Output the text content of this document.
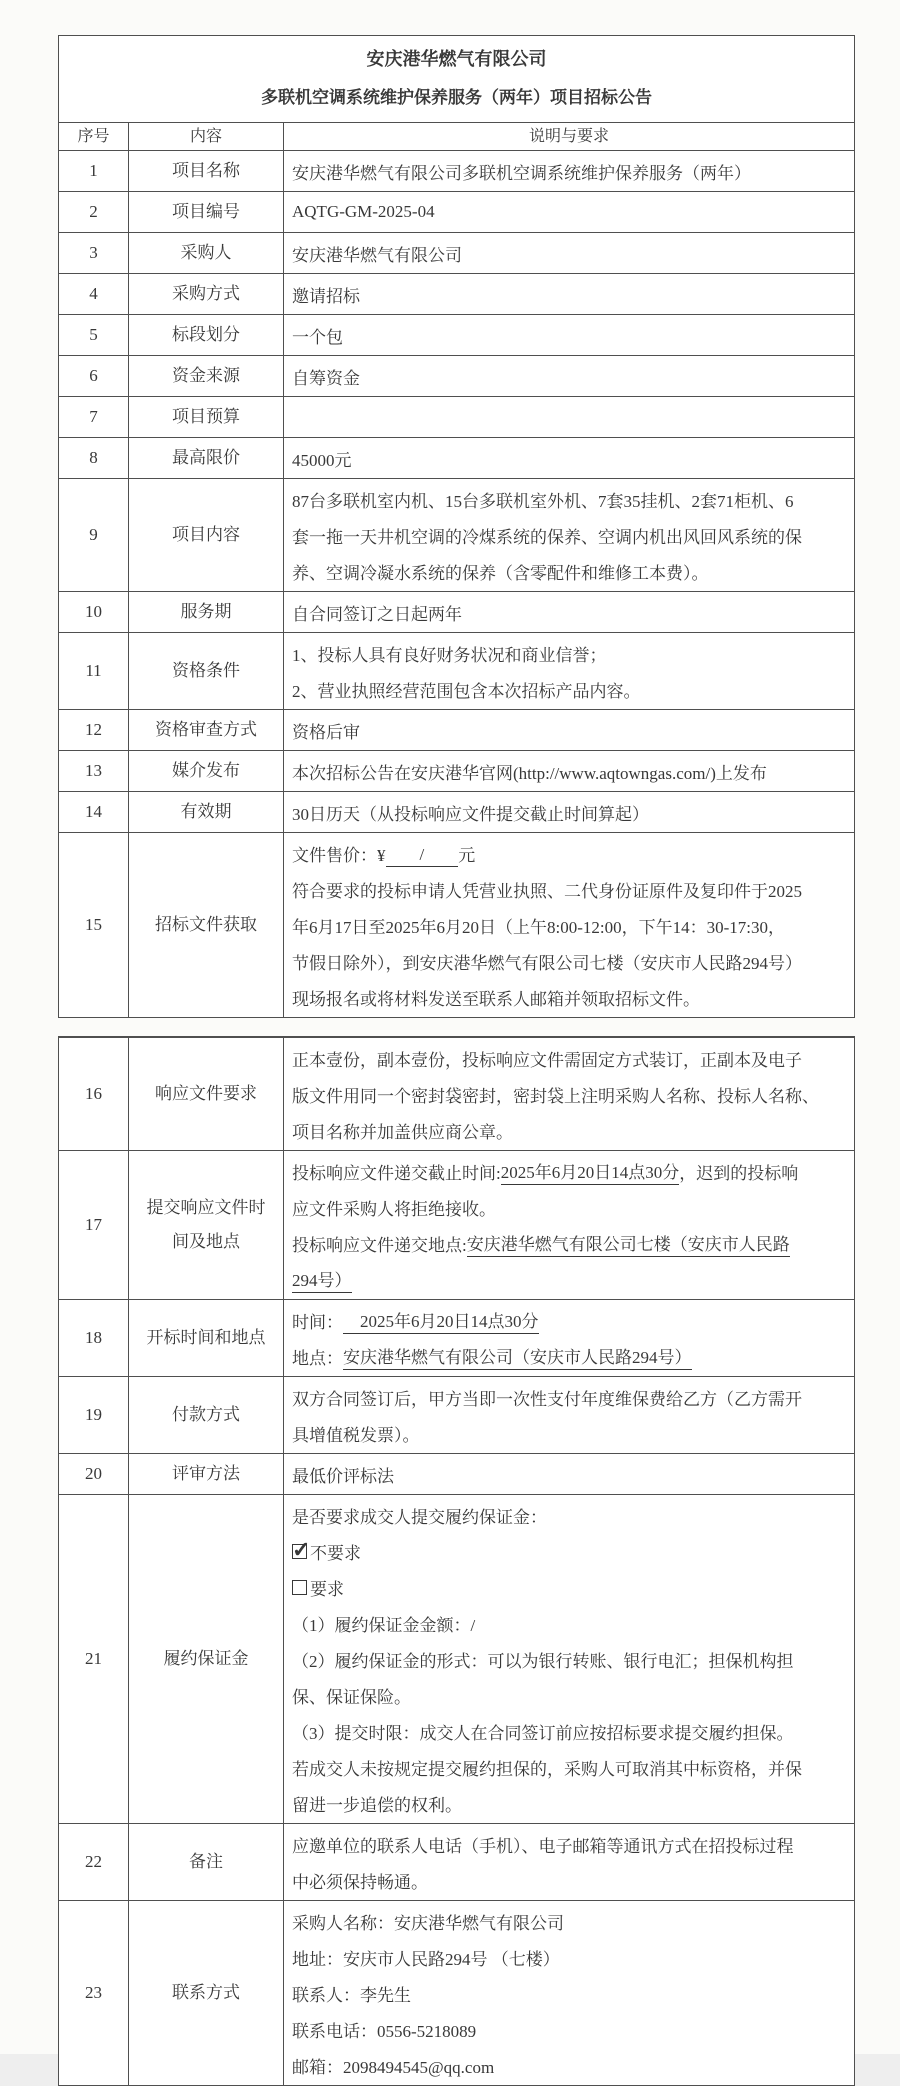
安庆港华燃气有限公司
多联机空调系统维护保养服务（两年）项目招标公告
序号	内容	说明与要求
1	项目名称	安庆港华燃气有限公司多联机空调系统维护保养服务（两年）
2	项目编号	AQTG-GM-2025-04
3	采购人	安庆港华燃气有限公司
4	采购方式	邀请招标
5	标段划分	一个包
6	资金来源	自筹资金
7	项目预算
8	最高限价	45000元
9	项目内容
87台多联机室内机、15台多联机室外机、7套35挂机、2套71柜机、6
套一拖一天井机空调的冷煤系统的保养、空调内机出风回风系统的保
养、空调冷凝水系统的保养（含零配件和维修工本费）。
10	服务期	自合同签订之日起两年
11	资格条件
1、投标人具有良好财务状况和商业信誉；
2、营业执照经营范围包含本次招标产品内容。
12	资格审查方式	资格后审
13	媒介发布	本次招标公告在安庆港华官网(http://www.aqtowngas.com/)上发布
14	有效期	30日历天（从投标响应文件提交截止时间算起）
15	招标文件获取
文件售价：¥ 　　/　　 元
符合要求的投标申请人凭营业执照、二代身份证原件及复印件于2025
年6月17日至2025年6月20日（上午8:00-12:00，下午14：30-17:30，
节假日除外），到安庆港华燃气有限公司七楼（安庆市人民路294号）
现场报名或将材料发送至联系人邮箱并领取招标文件。
16	响应文件要求
正本壹份，副本壹份，投标响应文件需固定方式装订，正副本及电子
版文件用同一个密封袋密封，密封袋上注明采购人名称、投标人名称、
项目名称并加盖供应商公章。
17
提交响应文件时间及地点
投标响应文件递交截止时间: 2025年6月20日14点30分 ，迟到的投标响
应文件采购人将拒绝接收。
投标响应文件递交地点: 安庆港华燃气有限公司七楼（安庆市人民路
294号）
18	开标时间和地点
时间： 　2025年6月20日14点30分
地点： 安庆港华燃气有限公司（安庆市人民路294号）
19	付款方式
双方合同签订后，甲方当即一次性支付年度维保费给乙方（乙方需开
具增值税发票）。
20	评审方法	最低价评标法
21	履约保证金
是否要求成交人提交履约保证金：
✓
不要求
要求
（1）履约保证金金额：/
（2）履约保证金的形式：可以为银行转账、银行电汇；担保机构担
保、保证保险。
（3）提交时限：成交人在合同签订前应按招标要求提交履约担保。
若成交人未按规定提交履约担保的，采购人可取消其中标资格，并保
留进一步追偿的权利。
22	备注
应邀单位的联系人电话（手机）、电子邮箱等通讯方式在招投标过程
中必须保持畅通。
23	联系方式
采购人名称：安庆港华燃气有限公司
地址：安庆市人民路294号 （七楼）
联系人：李先生
联系电话：0556-5218089
邮箱：2098494545@qq.com
